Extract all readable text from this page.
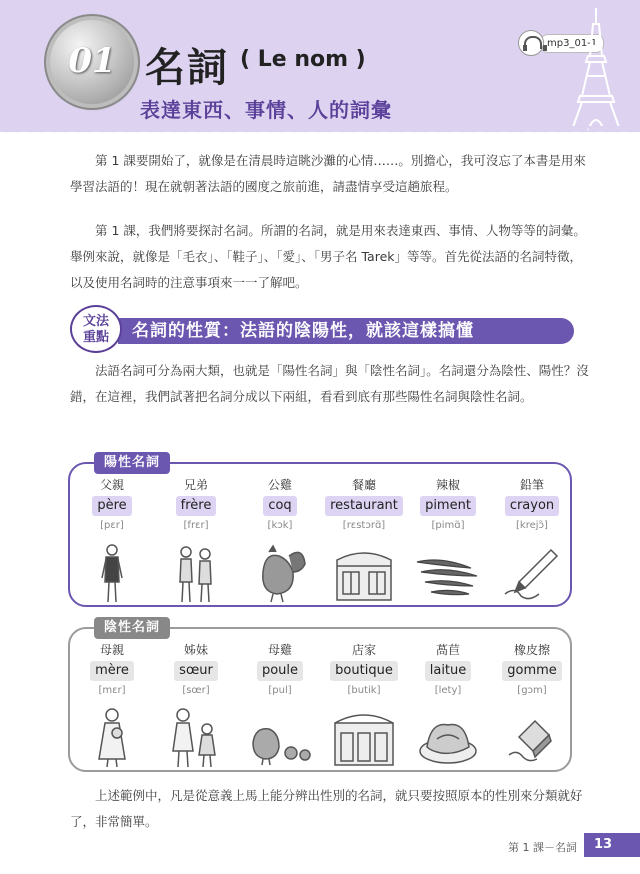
01 名詞 ( Le nom )
表達東西、事情、人的詞彙
mp3_01-1

第 1 課要開始了，就像是在清晨時這眺沙灘的心情……。別擔心，我可沒忘了本書是用來學習法語的！現在就朝著法語的國度之旅前進，請盡情享受這趟旅程。

第 1 課，我們將要探討名詞。所謂的名詞，就是用來表達東西、事情、人物等等的詞彙。舉例來說，就像是「毛衣」、「鞋子」、「愛」、「男子名 Tarek」等等。首先從法語的名詞特徵，以及使用名詞時的注意事項來一一了解吧。

名詞的性質：法語的陰陽性，就該這樣搞懂
文法
重點

法語名詞可分為兩大類，也就是「陽性名詞」與「陰性名詞」。名詞還分為陰性、陽性？沒錯，在這裡，我們試著把名詞分成以下兩組，看看到底有那些陽性名詞與陰性名詞。

陽性名詞
父親
père
[pɛr]
兄弟
frère
[frɛr]
公雞
coq
[kɔk]
餐廳
restaurant
[rɛstɔrɑ̃]
辣椒
piment
[pimɑ̃]
鉛筆
crayon
[krejɔ̃]
陰性名詞
母親
mère
[mɛr]
姊妹
sœur
[sœr]
母雞
poule
[pul]
店家
boutique
[butik]
萵苣
laitue
[lety]
橡皮擦
gomme
[gɔm]

上述範例中，凡是從意義上馬上能分辨出性別的名詞，就只要按照原本的性別來分類就好了，非常簡單。

第 1 課－名詞	13
